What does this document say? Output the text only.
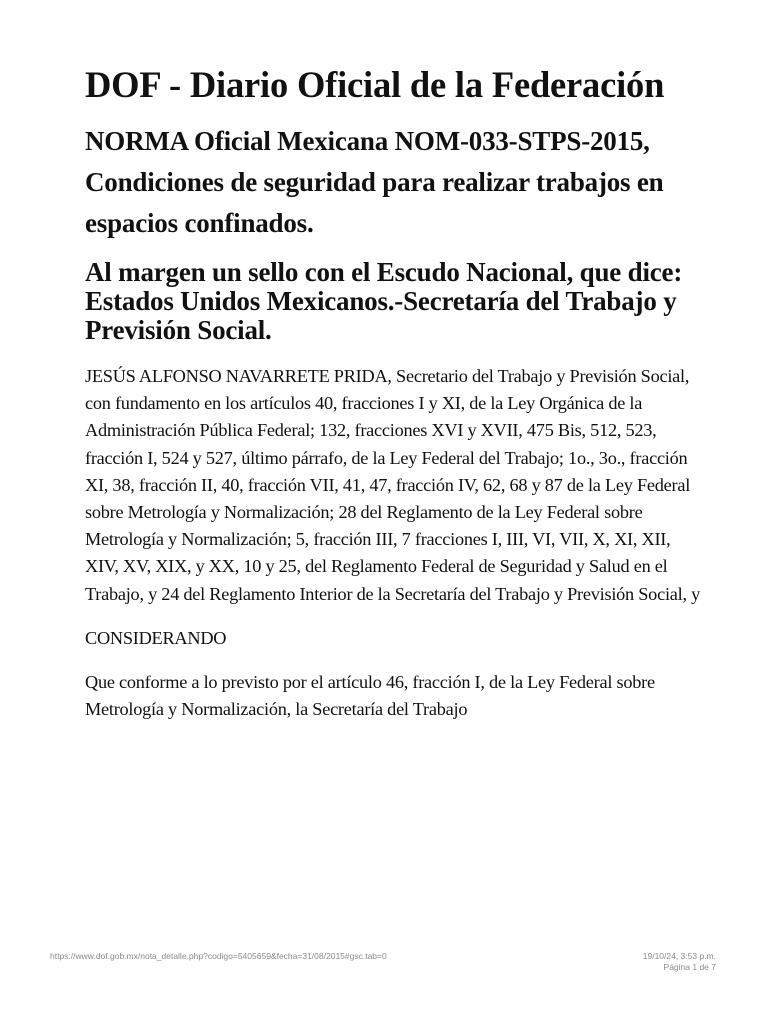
DOF - Diario Oficial de la Federación
NORMA Oficial Mexicana NOM-033-STPS-2015, Condiciones de seguridad para realizar trabajos en espacios confinados.
Al margen un sello con el Escudo Nacional, que dice: Estados Unidos Mexicanos.-Secretaría del Trabajo y Previsión Social.

JESÚS ALFONSO NAVARRETE PRIDA, Secretario del Trabajo y Previsión Social, con fundamento en los artículos 40, fracciones I y XI, de la Ley Orgánica de la Administración Pública Federal; 132, fracciones XVI y XVII, 475 Bis, 512, 523, fracción I, 524 y 527, último párrafo, de la Ley Federal del Trabajo; 1o., 3o., fracción XI, 38, fracción II, 40, fracción VII, 41, 47, fracción IV, 62, 68 y 87 de la Ley Federal sobre Metrología y Normalización; 28 del Reglamento de la Ley Federal sobre Metrología y Normalización; 5, fracción III, 7 fracciones I, III, VI, VII, X, XI, XII, XIV, XV, XIX, y XX, 10 y 25, del Reglamento Federal de Seguridad y Salud en el Trabajo, y 24 del Reglamento Interior de la Secretaría del Trabajo y Previsión Social, y

CONSIDERANDO

Que conforme a lo previsto por el artículo 46, fracción I, de la Ley Federal sobre Metrología y Normalización, la Secretaría del Trabajo

https://www.dof.gob.mx/nota_detalle.php?codigo=5405659&fecha=31/08/2015#gsc.tab=0	19/10/24, 3:53 p.m.
Página 1 de 7
